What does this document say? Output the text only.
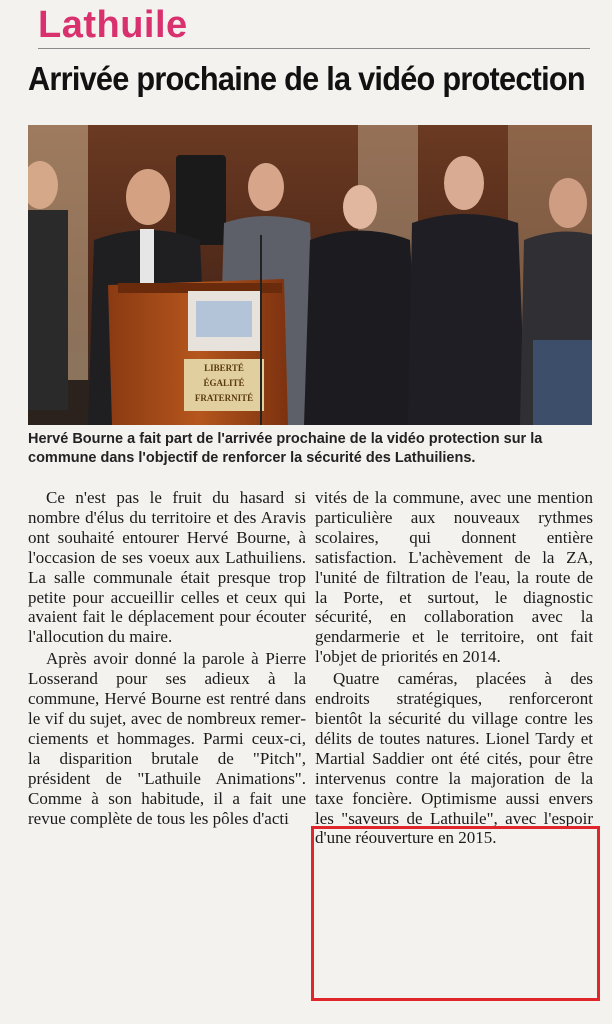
Lathuile
Arrivée prochaine de la vidéo protection
LIBERTÉ
ÉGALITÉ
FRATERNITÉ
Hervé Bourne a fait part de l'arrivée prochaine de la vidéo protection sur la commune dans l'objectif de renforcer la sécurité des Lathuiliens.

Ce n'est pas le fruit du hasard si nombre d'élus du territoire et des Aravis ont souhaité entourer Hervé Bourne, à l'occasion de ses voeux aux Lathuiliens. La salle communale était presque trop petite pour accueillir celles et ceux qui avaient fait le déplacement pour écouter l'allocution du maire.

Après avoir donné la parole à Pierre Losserand pour ses adieux à la commune, Hervé Bourne est rentré dans le vif du sujet, avec de nombreux remerciements et hommages. Parmi ceux-ci, la disparition brutale de "Pitch", président de "Lathuile Animations". Comme à son habitude, il a fait une revue complète de tous les pôles d'acti

vités de la commune, avec une mention particulière aux nouveaux rythmes scolaires, qui donnent entière satisfaction. L'achèvement de la ZA, l'unité de filtration de l'eau, la route de la Porte, et surtout, le diagnostic sécurité, en collaboration avec la gendarmerie et le territoire, ont fait l'objet de priorités en 2014.

Quatre caméras, placées à des endroits stratégiques, renforceront bientôt la sécurité du village contre les délits de toutes natures. Lionel Tardy et Martial Saddier ont été cités, pour être intervenus contre la majoration de la taxe foncière. Optimisme aussi envers les "saveurs de Lathuile", avec l'espoir d'une réouverture en 2015.
